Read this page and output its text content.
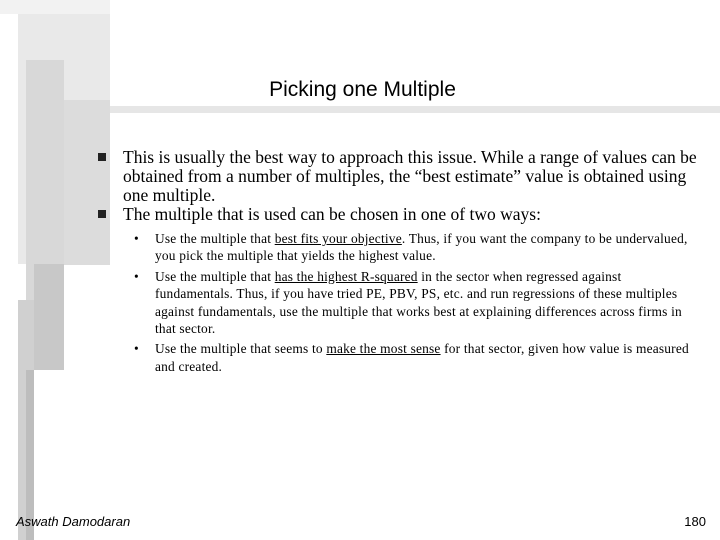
Picking one Multiple
This is usually the best way to approach this issue. While a range of values can be obtained from a number of multiples, the “best estimate” value is obtained using one multiple.
The multiple that is used can be chosen in one of two ways:
• Use the multiple that best fits your objective. Thus, if you want the company to be undervalued, you pick the multiple that yields the highest value.
• Use the multiple that has the highest R-squared in the sector when regressed against fundamentals. Thus, if you have tried PE, PBV, PS, etc. and run regressions of these multiples against fundamentals, use the multiple that works best at explaining differences across firms in that sector.
• Use the multiple that seems to make the most sense for that sector, given how value is measured and created.
Aswath Damodaran	180
